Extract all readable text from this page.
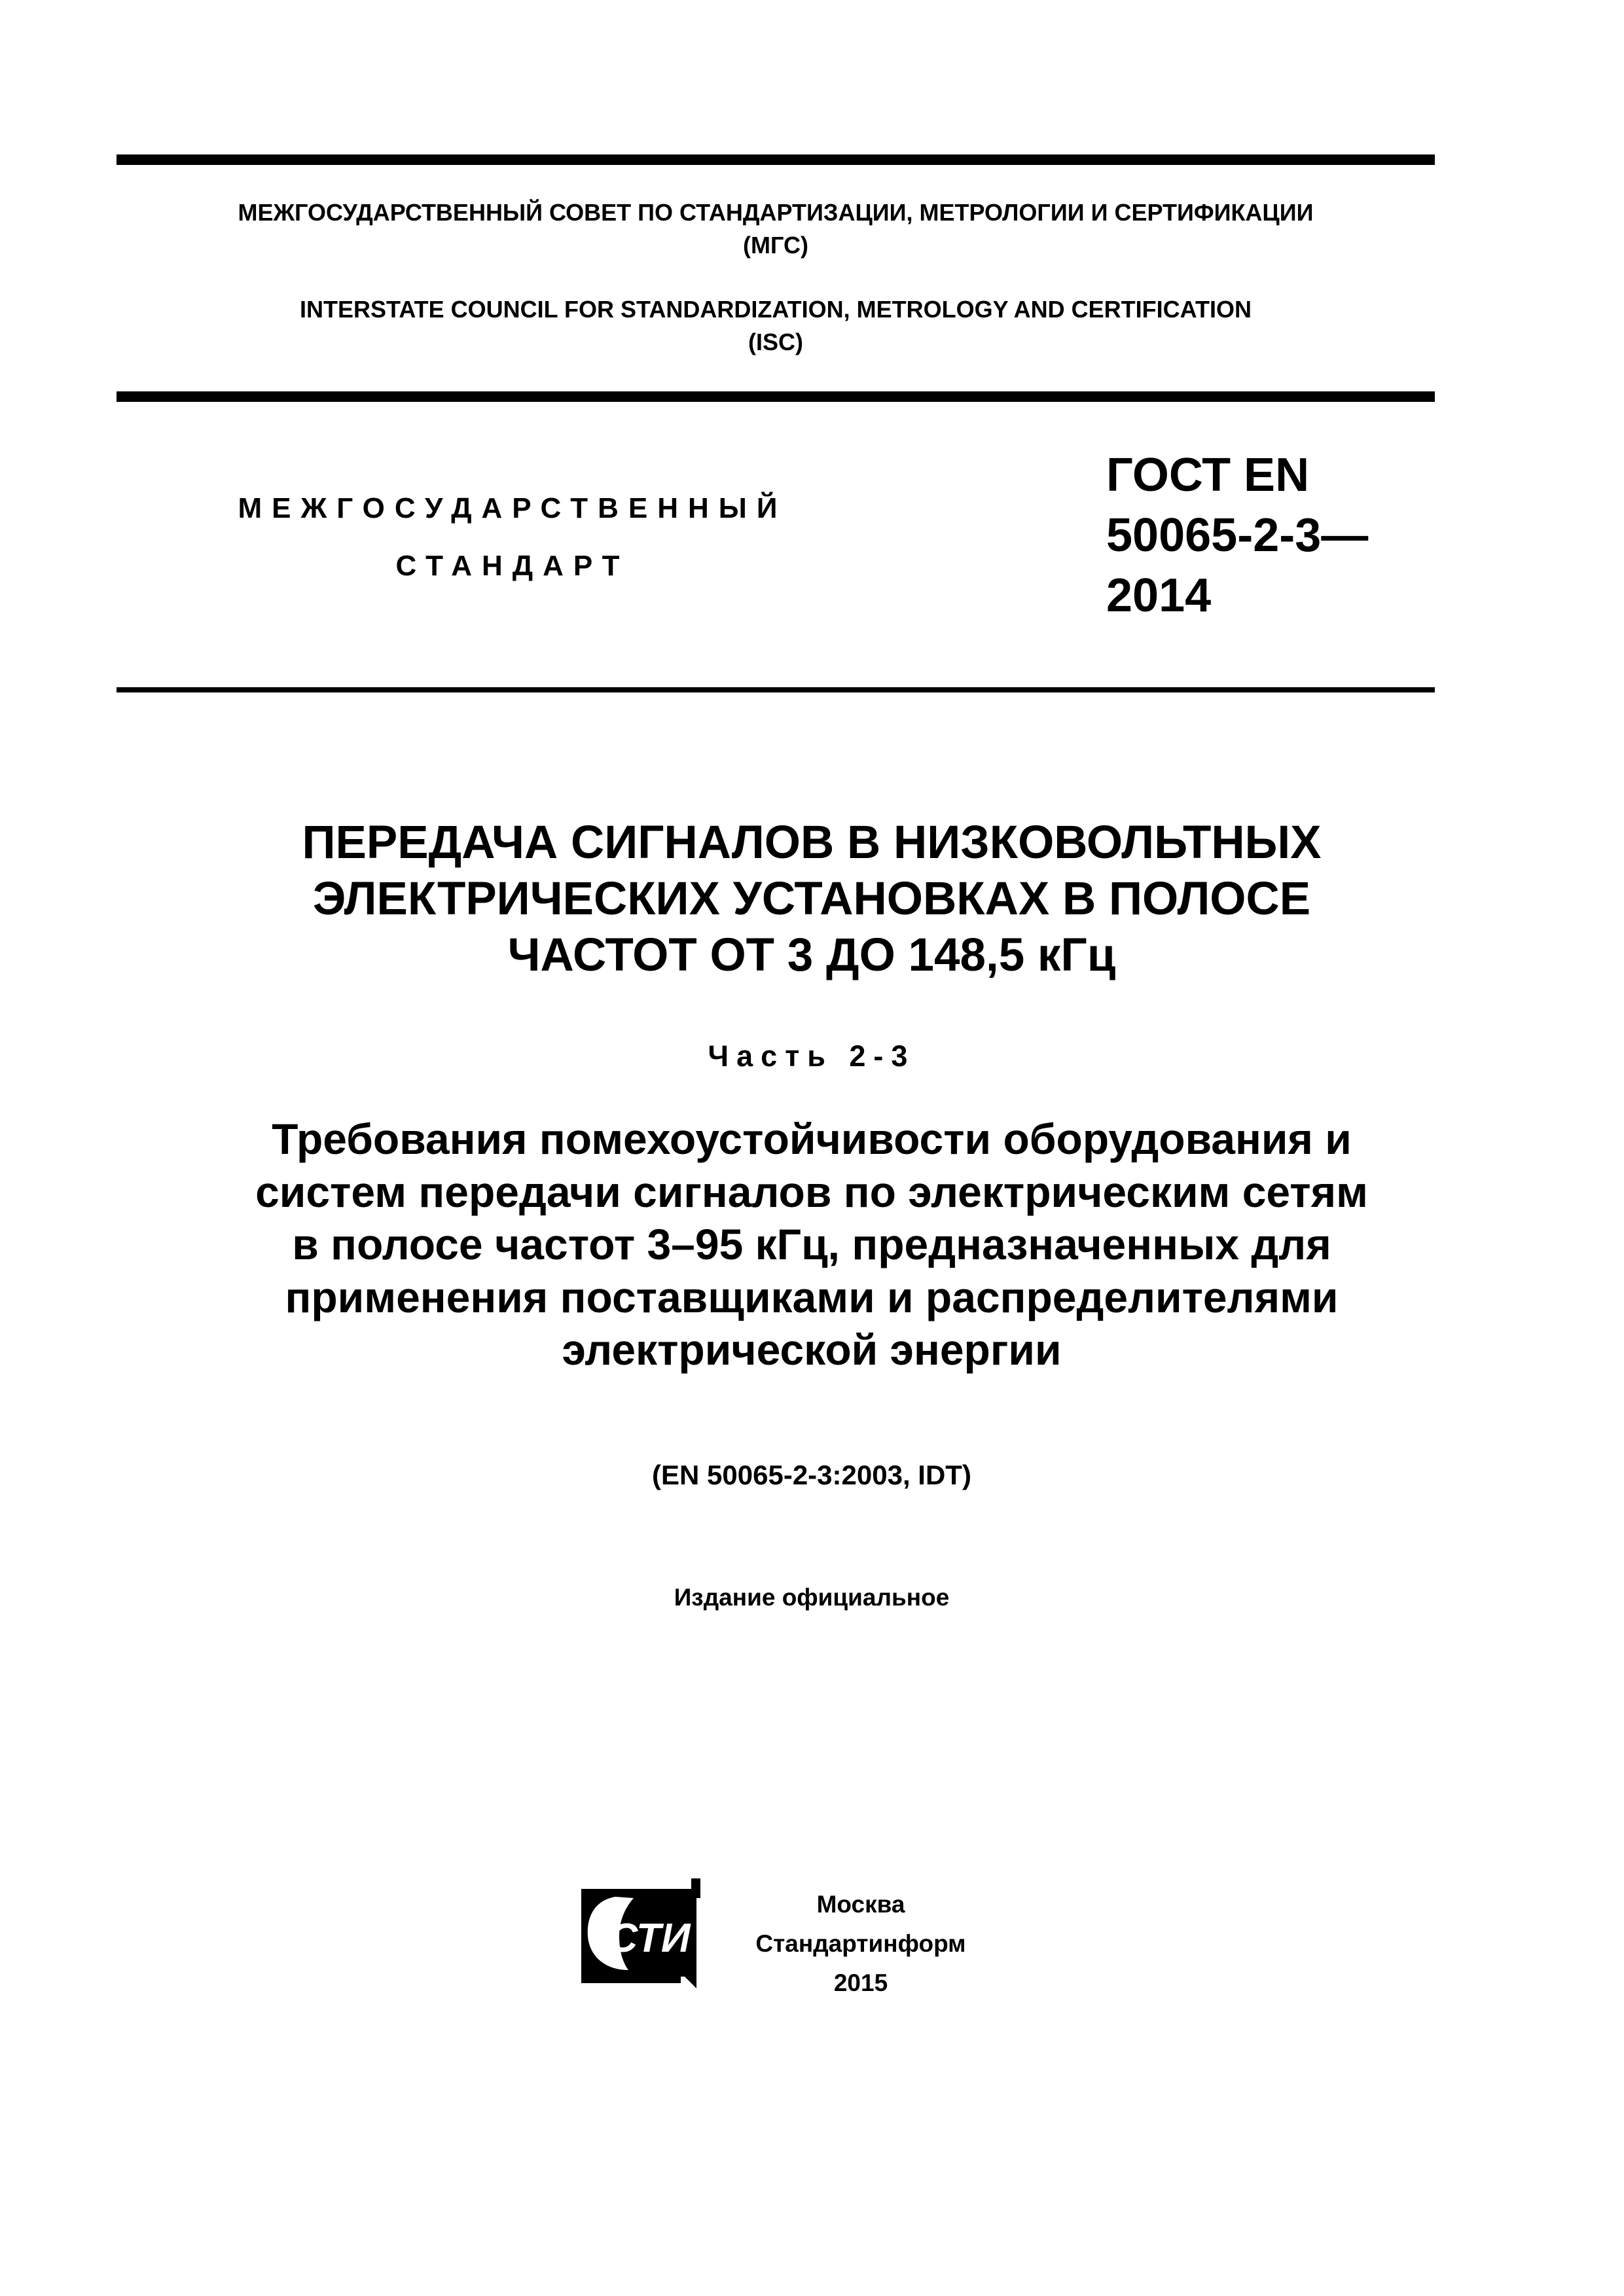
МЕЖГОСУДАРСТВЕННЫЙ СОВЕТ ПО СТАНДАРТИЗАЦИИ, МЕТРОЛОГИИ И СЕРТИФИКАЦИИ
(МГС)
INTERSTATE COUNCIL FOR STANDARDIZATION, METROLOGY AND CERTIFICATION
(ISC)
МЕЖГОСУДАРСТВЕННЫЙ
СТАНДАРТ
ГОСТ EN
50065-2-3—
2014
ПЕРЕДАЧА СИГНАЛОВ В НИЗКОВОЛЬТНЫХ
ЭЛЕКТРИЧЕСКИХ УСТАНОВКАХ В ПОЛОСЕ
ЧАСТОТ ОТ 3 ДО 148,5 кГц
Часть 2-3
Требования помехоустойчивости оборудования и
систем передачи сигналов по электрическим сетям
в полосе частот 3–95 кГц, предназначенных для
применения поставщиками и распределителями
электрической энергии
(EN 50065-2-3:2003, IDT)
Издание официальное
СТИ
Москва
Стандартинформ
2015
